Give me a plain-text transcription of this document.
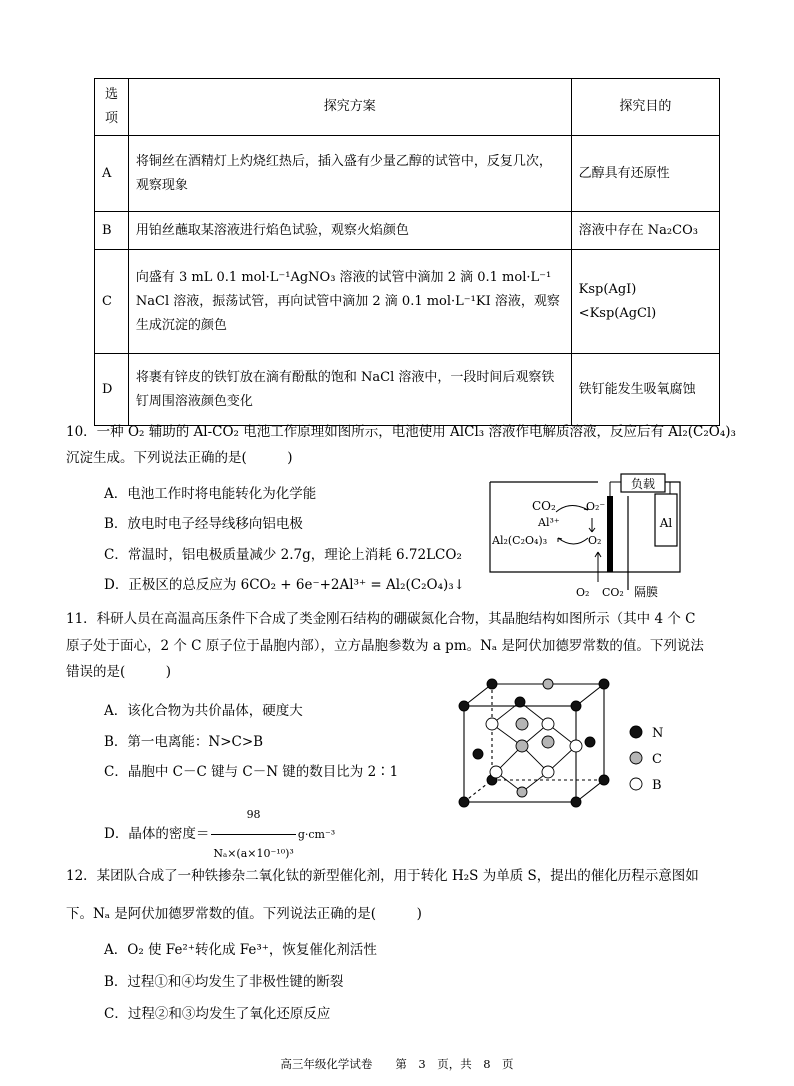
选项	探究方案	探究目的
A	将铜丝在酒精灯上灼烧红热后，插入盛有少量乙醇的试管中，反复几次，观察现象	乙醇具有还原性
B	用铂丝蘸取某溶液进行焰色试验，观察火焰颜色	溶液中存在 Na₂CO₃
C	向盛有 3 mL 0.1 mol·L⁻¹AgNO₃ 溶液的试管中滴加 2 滴 0.1 mol·L⁻¹ NaCl 溶液，振荡试管，再向试管中滴加 2 滴 0.1 mol·L⁻¹KI 溶液，观察生成沉淀的颜色	Ksp(AgI)<Ksp(AgCl)
D	将裹有锌皮的铁钉放在滴有酚酞的饱和 NaCl 溶液中，一段时间后观察铁钉周围溶液颜色变化	铁钉能发生吸氧腐蚀
10．一种 O₂ 辅助的 Al-CO₂ 电池工作原理如图所示，电池使用 AlCl₃ 溶液作电解质溶液，反应后有 Al₂(C₂O₄)₃
沉淀生成。下列说法正确的是(　　　)
A．电池工作时将电能转化为化学能
B．放电时电子经导线移向铝电极
C．常温时，铝电极质量减少 2.7g，理论上消耗 6.72LCO₂
D．正极区的总反应为 6CO₂ + 6e⁻+2Al³⁺ = Al₂(C₂O₄)₃↓
负载
Al
CO₂	O₂⁻
Al³⁺
Al₂(C₂O₄)₃	O₂
O₂ CO₂ 隔膜
11．科研人员在高温高压条件下合成了类金刚石结构的硼碳氮化合物，其晶胞结构如图所示（其中 4 个 C
原子处于面心，2 个 C 原子位于晶胞内部），立方晶胞参数为 a pm。Nₐ 是阿伏加德罗常数的值。下列说法
错误的是(　　　)
A．该化合物为共价晶体，硬度大
B．第一电离能：N>C>B
C．晶胞中 C－C 键与 C－N 键的数目比为 2∶1
D．晶体的密度＝ $\frac{98}{\text{Nₐ×(a×10⁻¹⁰)³}} g\cdot cm^{-3}$
N
C
B
12．某团队合成了一种铁掺杂二氧化钛的新型催化剂，用于转化 H₂S 为单质 S，提出的催化历程示意图如
下。Nₐ 是阿伏加德罗常数的值。下列说法正确的是(　　　)
A．O₂ 使 Fe²⁺转化成 Fe³⁺，恢复催化剂活性
B．过程①和④均发生了非极性键的断裂
C．过程②和③均发生了氧化还原反应
高三年级化学试卷　　第　3　页，共　8　页
